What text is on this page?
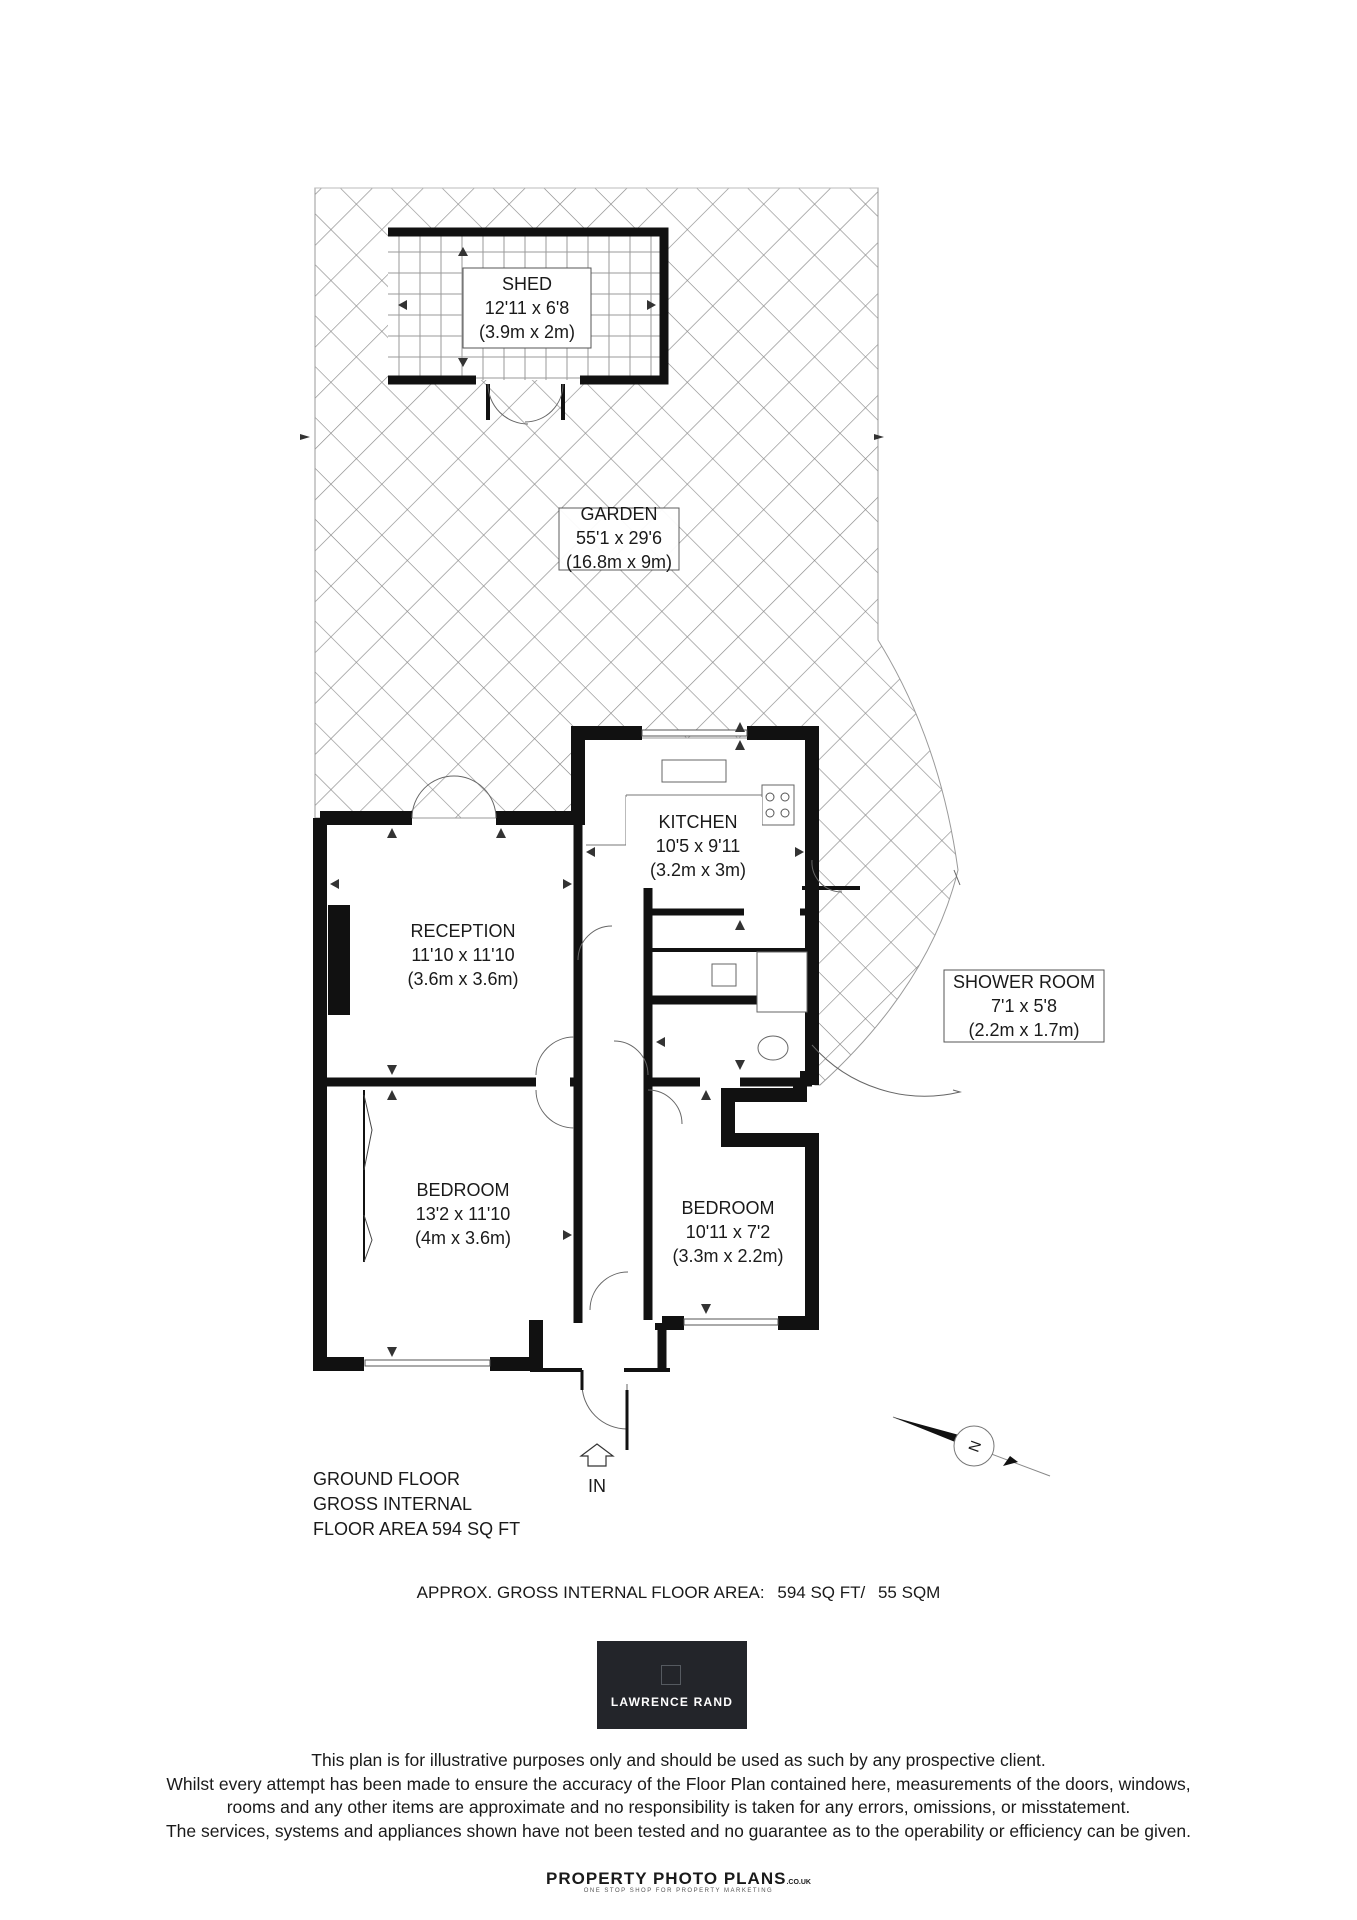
SHED
12'11 x 6'8
(3.9m x 2m)
GARDEN
55'1 x 29'6
(16.8m x 9m)
KITCHEN
10'5 x 9'11
(3.2m x 3m)
RECEPTION
11'10 x 11'10
(3.6m x 3.6m)	SHOWER ROOM
7'1 x 5'8
(2.2m x 1.7m)
BEDROOM
13'2 x 11'10
(4m x 3.6m)
BEDROOM
10'11 x 7'2
(3.3m x 2.2m)
IN
N
GROUND FLOOR
GROSS INTERNAL
FLOOR AREA 594 SQ FT
APPROX. GROSS INTERNAL FLOOR AREA: 594 SQ FT/ 55 SQM
LAWRENCE RAND
This plan is for illustrative purposes only and should be used as such by any prospective client.
Whilst every attempt has been made to ensure the accuracy of the Floor Plan contained here, measurements of the doors, windows,
rooms and any other items are approximate and no responsibility is taken for any errors, omissions, or misstatement.
The services, systems and appliances shown have not been tested and no guarantee as to the operability or efficiency can be given.
PROPERTY PHOTO PLANS.CO.UK
ONE STOP SHOP FOR PROPERTY MARKETING
